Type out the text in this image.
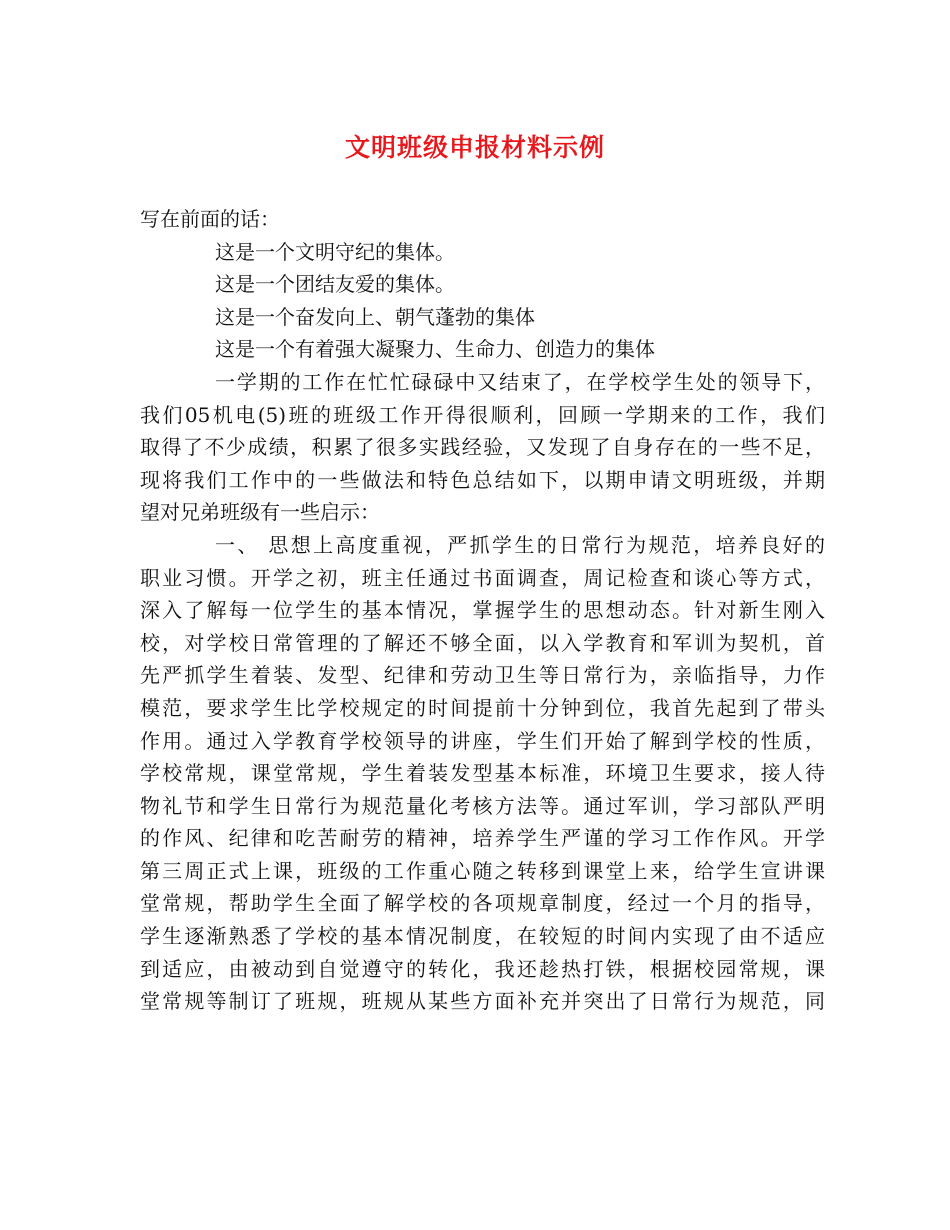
文明班级申报材料示例
写在前面的话：
这是一个文明守纪的集体。
这是一个团结友爱的集体。
这是一个奋发向上、朝气蓬勃的集体
这是一个有着强大凝聚力、生命力、创造力的集体
一学期的工作在忙忙碌碌中又结束了，在学校学生处的领导下，
我们05机电(5)班的班级工作开得很顺利，回顾一学期来的工作，我们
取得了不少成绩，积累了很多实践经验，又发现了自身存在的一些不足，
现将我们工作中的一些做法和特色总结如下，以期申请文明班级，并期
望对兄弟班级有一些启示：
一、 思想上高度重视，严抓学生的日常行为规范，培养良好的
职业习惯。开学之初，班主任通过书面调查，周记检查和谈心等方式，
深入了解每一位学生的基本情况，掌握学生的思想动态。针对新生刚入
校，对学校日常管理的了解还不够全面，以入学教育和军训为契机，首
先严抓学生着装、发型、纪律和劳动卫生等日常行为，亲临指导，力作
模范，要求学生比学校规定的时间提前十分钟到位，我首先起到了带头
作用。通过入学教育学校领导的讲座，学生们开始了解到学校的性质，
学校常规，课堂常规，学生着装发型基本标准，环境卫生要求，接人待
物礼节和学生日常行为规范量化考核方法等。通过军训，学习部队严明
的作风、纪律和吃苦耐劳的精神，培养学生严谨的学习工作作风。开学
第三周正式上课，班级的工作重心随之转移到课堂上来，给学生宣讲课
堂常规，帮助学生全面了解学校的各项规章制度，经过一个月的指导，
学生逐渐熟悉了学校的基本情况制度，在较短的时间内实现了由不适应
到适应，由被动到自觉遵守的转化，我还趁热打铁，根据校园常规，课
堂常规等制订了班规，班规从某些方面补充并突出了日常行为规范，同
